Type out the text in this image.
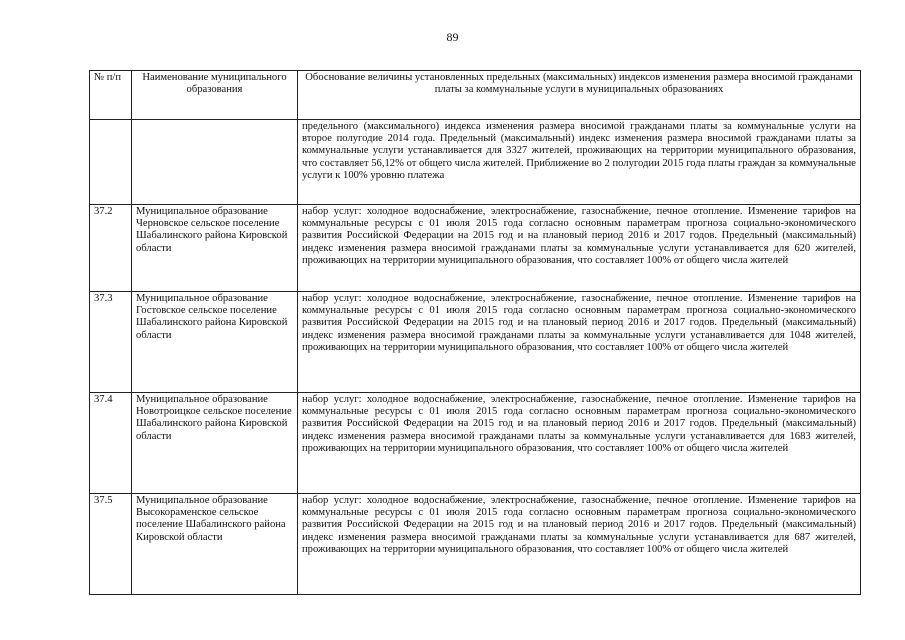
89
№ п/п	Наименование муниципального образования	Обоснование величины установленных предельных (максимальных) индексов изменения размера вносимой гражданами платы за коммунальные услуги в муниципальных образованиях
		предельного (максимального) индекса изменения размера вносимой гражданами платы за коммунальные услуги на второе полугодие 2014 года. Предельный (максимальный) индекс изменения размера вносимой гражданами платы за коммунальные услуги устанавливается для 3327 жителей, проживающих на территории муниципального образования, что составляет 56,12% от общего числа жителей. Приближение во 2 полугодии 2015 года платы граждан за коммунальные услуги к 100% уровню платежа
37.2	Муниципальное образование Черновское сельское поселение Шабалинского района Кировской области	набор услуг: холодное водоснабжение, электроснабжение, газоснабжение, печное отопление. Изменение тарифов на коммунальные ресурсы с 01 июля 2015 года согласно основным параметрам прогноза социально-экономического развития Российской Федерации на 2015 год и на плановый период 2016 и 2017 годов. Предельный (максимальный) индекс изменения размера вносимой гражданами платы за коммунальные услуги устанавливается для 620 жителей, проживающих на территории муниципального образования, что составляет 100% от общего числа жителей
37.3	Муниципальное образование Гостовское сельское поселение Шабалинского района Кировской области	набор услуг: холодное водоснабжение, электроснабжение, газоснабжение, печное отопление. Изменение тарифов на коммунальные ресурсы с 01 июля 2015 года согласно основным параметрам прогноза социально-экономического развития Российской Федерации на 2015 год и на плановый период 2016 и 2017 годов. Предельный (максимальный) индекс изменения размера вносимой гражданами платы за коммунальные услуги устанавливается для 1048 жителей, проживающих на территории муниципального образования, что составляет 100% от общего числа жителей
37.4	Муниципальное образование Новотроицкое сельское поселение Шабалинского района Кировской области	набор услуг: холодное водоснабжение, электроснабжение, газоснабжение, печное отопление. Изменение тарифов на коммунальные ресурсы с 01 июля 2015 года согласно основным параметрам прогноза социально-экономического развития Российской Федерации на 2015 год и на плановый период 2016 и 2017 годов. Предельный (максимальный) индекс изменения размера вносимой гражданами платы за коммунальные услуги устанавливается для 1683 жителей, проживающих на территории муниципального образования, что составляет 100% от общего числа жителей
37.5	Муниципальное образование Высокораменское сельское поселение Шабалинского района Кировской области	набор услуг: холодное водоснабжение, электроснабжение, газоснабжение, печное отопление. Изменение тарифов на коммунальные ресурсы с 01 июля 2015 года согласно основным параметрам прогноза социально-экономического развития Российской Федерации на 2015 год и на плановый период 2016 и 2017 годов. Предельный (максимальный) индекс изменения размера вносимой гражданами платы за коммунальные услуги устанавливается для 687 жителей, проживающих на территории муниципального образования, что составляет 100% от общего числа жителей
